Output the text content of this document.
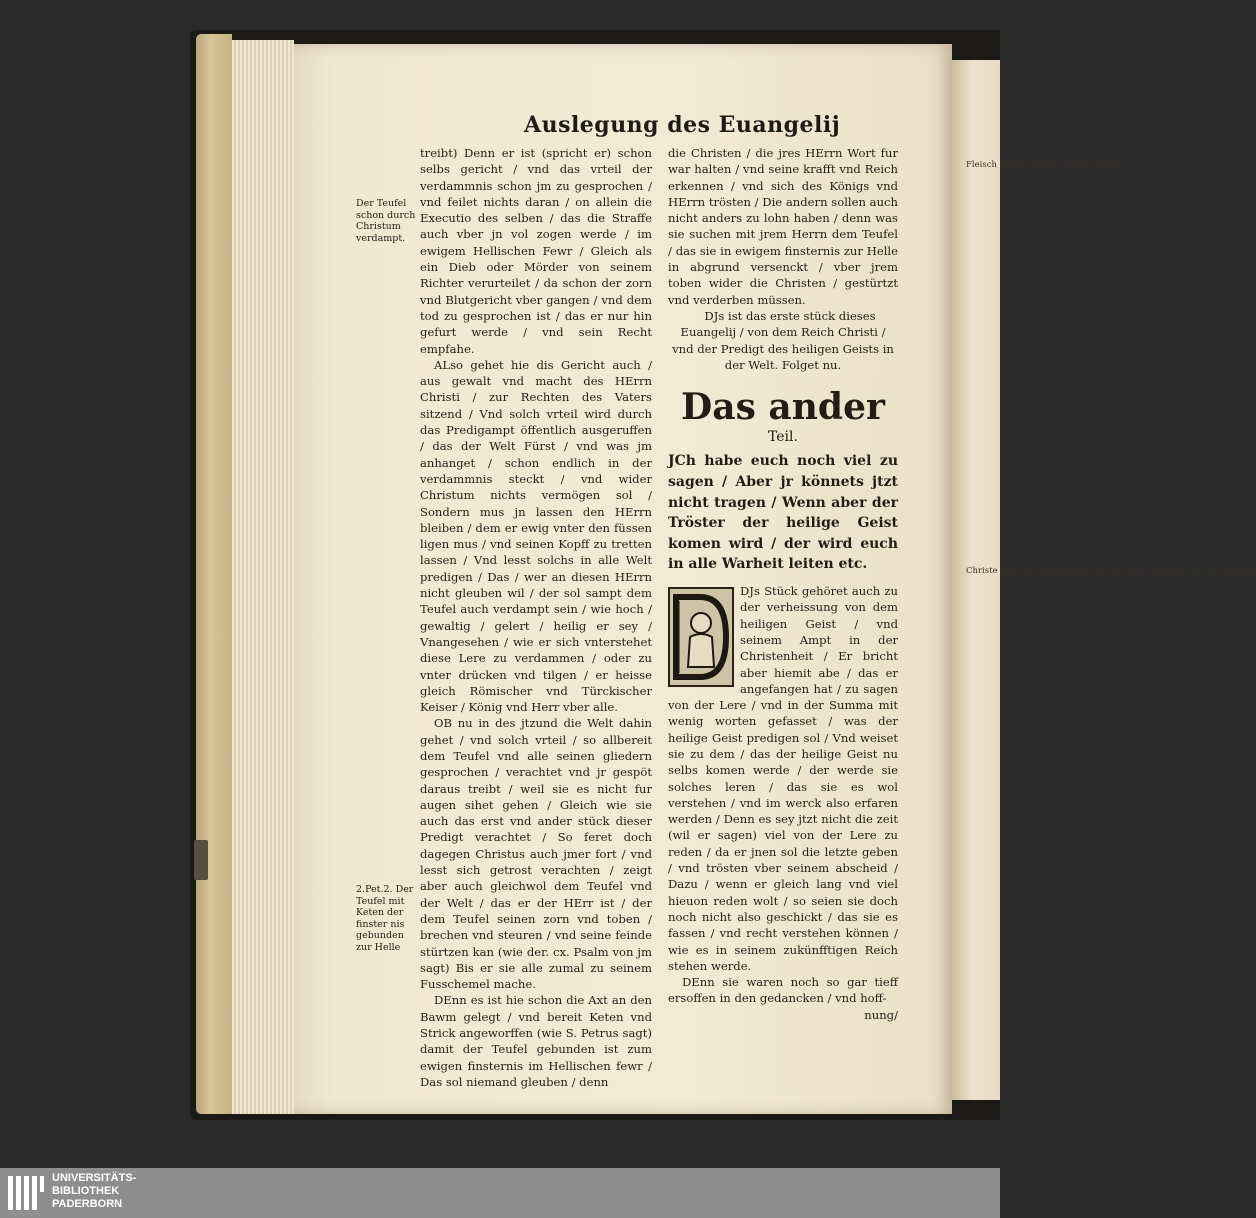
Auslegung des Euangelij
Der Teufel schon durch Christum verdampt.
2.Pet.2. Der Teufel mit Keten der finster nis gebunden zur Helle
Fleisch gedanc der Jü vom R Christ
Christe digt vnd erzitung ben die fel nich verstand vor sein himelfa

treibt) Denn er ist (spricht er) schon selbs gericht / vnd das vrteil der verdammnis schon jm zu gesprochen / vnd feilet nichts daran / on allein die Executio des selben / das die Straffe auch vber jn vol zogen werde / im ewigem Hellischen Fewr / Gleich als ein Dieb oder Mörder von seinem Richter verurteilet / da schon der zorn vnd Blutgericht vber gangen / vnd dem tod zu gesprochen ist / das er nur hin gefurt werde / vnd sein Recht empfahe.

ALso gehet hie dis Gericht auch / aus gewalt vnd macht des HErrn Christi / zur Rechten des Vaters sitzend / Vnd solch vrteil wird durch das Predigampt öffentlich ausgeruffen / das der Welt Fürst / vnd was jm anhanget / schon endlich in der verdammnis steckt / vnd wider Christum nichts vermögen sol / Sondern mus jn lassen den HErrn bleiben / dem er ewig vnter den füssen ligen mus / vnd seinen Kopff zu tretten lassen / Vnd lesst solchs in alle Welt predigen / Das / wer an diesen HErrn nicht gleuben wil / der sol sampt dem Teufel auch verdampt sein / wie hoch / gewaltig / gelert / heilig er sey / Vnangesehen / wie er sich vnterstehet diese Lere zu verdammen / oder zu vnter drücken vnd tilgen / er heisse gleich Römischer vnd Türckischer Keiser / König vnd Herr vber alle.

OB nu in des jtzund die Welt dahin gehet / vnd solch vrteil / so allbereit dem Teufel vnd alle seinen gliedern gesprochen / verachtet vnd jr gespöt daraus treibt / weil sie es nicht fur augen sihet gehen / Gleich wie sie auch das erst vnd ander stück dieser Predigt verachtet / So feret doch dagegen Christus auch jmer fort / vnd lesst sich getrost verachten / zeigt aber auch gleichwol dem Teufel vnd der Welt / das er der HErr ist / der dem Teufel seinen zorn vnd toben / brechen vnd steuren / vnd seine feinde stürtzen kan (wie der. cx. Psalm von jm sagt) Bis er sie alle zumal zu seinem Fusschemel mache.

DEnn es ist hie schon die Axt an den Bawm gelegt / vnd bereit Keten vnd Strick angeworffen (wie S. Petrus sagt) damit der Teufel gebunden ist zum ewigen finsternis im Hellischen fewr / Das sol niemand gleuben / denn

die Christen / die jres HErrn Wort fur war halten / vnd seine krafft vnd Reich erkennen / vnd sich des Königs vnd HErrn trösten / Die andern sollen auch nicht anders zu lohn haben / denn was sie suchen mit jrem Herrn dem Teufel / das sie in ewigem finsternis zur Helle in abgrund versenckt / vber jrem toben wider die Christen / gestürtzt vnd verderben müssen.

DJs ist das erste stück dieses Euangelij / von dem Reich Christi / vnd der Predigt des heiligen Geists in der Welt. Folget nu.

Das ander
Teil.

JCh habe euch noch viel zu sagen / Aber jr könnets jtzt nicht tragen / Wenn aber der Tröster der heilige Geist komen wird / der wird euch in alle Warheit leiten etc.

DJs Stück gehöret auch zu der verheissung von dem heiligen Geist / vnd seinem Ampt in der Christenheit / Er bricht aber hiemit abe / das er angefangen hat / zu sagen von der Lere / vnd in der Summa mit wenig worten gefasset / was der heilige Geist predigen sol / Vnd weiset sie zu dem / das der heilige Geist nu selbs komen werde / der werde sie solches leren / das sie es wol verstehen / vnd im werck also erfaren werden / Denn es sey jtzt nicht die zeit (wil er sagen) viel von der Lere zu reden / da er jnen sol die letzte geben / vnd trösten vber seinem abscheid / Dazu / wenn er gleich lang vnd viel hieuon reden wolt / so seien sie doch noch nicht also geschickt / das sie es fassen / vnd recht verstehen können / wie es in seinem zukünfftigen Reich stehen werde.

DEnn sie waren noch so gar tieff ersoffen in den gedancken / vnd hoff-

nung/

UNIVERSITÄTS-
BIBLIOTHEK
PADERBORN
